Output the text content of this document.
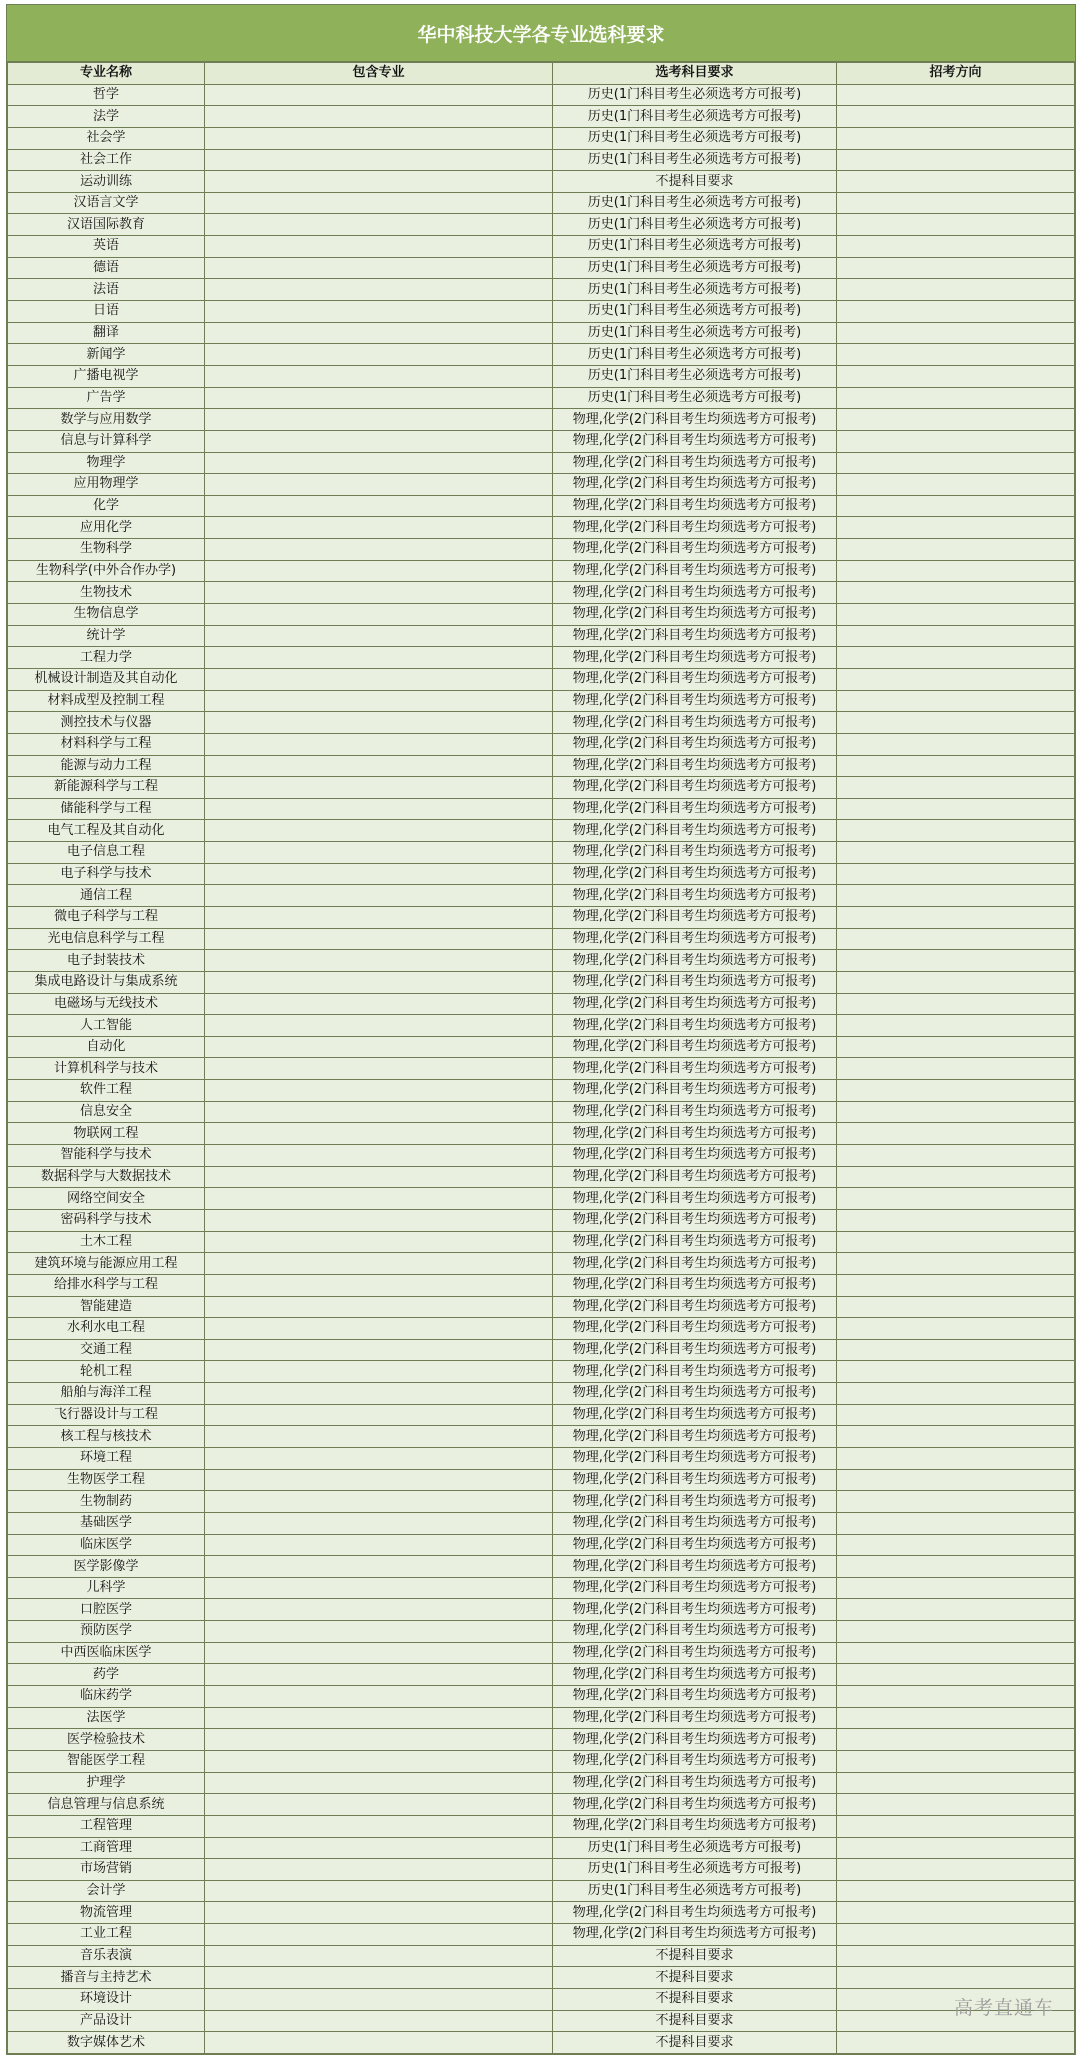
华中科技大学各专业选科要求
专业名称	包含专业	选考科目要求	招考方向
哲学		历史(1门科目考生必须选考方可报考)	
法学		历史(1门科目考生必须选考方可报考)	
社会学		历史(1门科目考生必须选考方可报考)	
社会工作		历史(1门科目考生必须选考方可报考)	
运动训练		不提科目要求	
汉语言文学		历史(1门科目考生必须选考方可报考)	
汉语国际教育		历史(1门科目考生必须选考方可报考)	
英语		历史(1门科目考生必须选考方可报考)	
德语		历史(1门科目考生必须选考方可报考)	
法语		历史(1门科目考生必须选考方可报考)	
日语		历史(1门科目考生必须选考方可报考)	
翻译		历史(1门科目考生必须选考方可报考)	
新闻学		历史(1门科目考生必须选考方可报考)	
广播电视学		历史(1门科目考生必须选考方可报考)	
广告学		历史(1门科目考生必须选考方可报考)	
数学与应用数学		物理,化学(2门科目考生均须选考方可报考)	
信息与计算科学		物理,化学(2门科目考生均须选考方可报考)	
物理学		物理,化学(2门科目考生均须选考方可报考)	
应用物理学		物理,化学(2门科目考生均须选考方可报考)	
化学		物理,化学(2门科目考生均须选考方可报考)	
应用化学		物理,化学(2门科目考生均须选考方可报考)	
生物科学		物理,化学(2门科目考生均须选考方可报考)	
生物科学(中外合作办学)		物理,化学(2门科目考生均须选考方可报考)	
生物技术		物理,化学(2门科目考生均须选考方可报考)	
生物信息学		物理,化学(2门科目考生均须选考方可报考)	
统计学		物理,化学(2门科目考生均须选考方可报考)	
工程力学		物理,化学(2门科目考生均须选考方可报考)	
机械设计制造及其自动化		物理,化学(2门科目考生均须选考方可报考)	
材料成型及控制工程		物理,化学(2门科目考生均须选考方可报考)	
测控技术与仪器		物理,化学(2门科目考生均须选考方可报考)	
材料科学与工程		物理,化学(2门科目考生均须选考方可报考)	
能源与动力工程		物理,化学(2门科目考生均须选考方可报考)	
新能源科学与工程		物理,化学(2门科目考生均须选考方可报考)	
储能科学与工程		物理,化学(2门科目考生均须选考方可报考)	
电气工程及其自动化		物理,化学(2门科目考生均须选考方可报考)	
电子信息工程		物理,化学(2门科目考生均须选考方可报考)	
电子科学与技术		物理,化学(2门科目考生均须选考方可报考)	
通信工程		物理,化学(2门科目考生均须选考方可报考)	
微电子科学与工程		物理,化学(2门科目考生均须选考方可报考)	
光电信息科学与工程		物理,化学(2门科目考生均须选考方可报考)	
电子封装技术		物理,化学(2门科目考生均须选考方可报考)	
集成电路设计与集成系统		物理,化学(2门科目考生均须选考方可报考)	
电磁场与无线技术		物理,化学(2门科目考生均须选考方可报考)	
人工智能		物理,化学(2门科目考生均须选考方可报考)	
自动化		物理,化学(2门科目考生均须选考方可报考)	
计算机科学与技术		物理,化学(2门科目考生均须选考方可报考)	
软件工程		物理,化学(2门科目考生均须选考方可报考)	
信息安全		物理,化学(2门科目考生均须选考方可报考)	
物联网工程		物理,化学(2门科目考生均须选考方可报考)	
智能科学与技术		物理,化学(2门科目考生均须选考方可报考)	
数据科学与大数据技术		物理,化学(2门科目考生均须选考方可报考)	
网络空间安全		物理,化学(2门科目考生均须选考方可报考)	
密码科学与技术		物理,化学(2门科目考生均须选考方可报考)	
土木工程		物理,化学(2门科目考生均须选考方可报考)	
建筑环境与能源应用工程		物理,化学(2门科目考生均须选考方可报考)	
给排水科学与工程		物理,化学(2门科目考生均须选考方可报考)	
智能建造		物理,化学(2门科目考生均须选考方可报考)	
水利水电工程		物理,化学(2门科目考生均须选考方可报考)	
交通工程		物理,化学(2门科目考生均须选考方可报考)	
轮机工程		物理,化学(2门科目考生均须选考方可报考)	
船舶与海洋工程		物理,化学(2门科目考生均须选考方可报考)	
飞行器设计与工程		物理,化学(2门科目考生均须选考方可报考)	
核工程与核技术		物理,化学(2门科目考生均须选考方可报考)	
环境工程		物理,化学(2门科目考生均须选考方可报考)	
生物医学工程		物理,化学(2门科目考生均须选考方可报考)	
生物制药		物理,化学(2门科目考生均须选考方可报考)	
基础医学		物理,化学(2门科目考生均须选考方可报考)	
临床医学		物理,化学(2门科目考生均须选考方可报考)	
医学影像学		物理,化学(2门科目考生均须选考方可报考)	
儿科学		物理,化学(2门科目考生均须选考方可报考)	
口腔医学		物理,化学(2门科目考生均须选考方可报考)	
预防医学		物理,化学(2门科目考生均须选考方可报考)	
中西医临床医学		物理,化学(2门科目考生均须选考方可报考)	
药学		物理,化学(2门科目考生均须选考方可报考)	
临床药学		物理,化学(2门科目考生均须选考方可报考)	
法医学		物理,化学(2门科目考生均须选考方可报考)	
医学检验技术		物理,化学(2门科目考生均须选考方可报考)	
智能医学工程		物理,化学(2门科目考生均须选考方可报考)	
护理学		物理,化学(2门科目考生均须选考方可报考)	
信息管理与信息系统		物理,化学(2门科目考生均须选考方可报考)	
工程管理		物理,化学(2门科目考生均须选考方可报考)	
工商管理		历史(1门科目考生必须选考方可报考)	
市场营销		历史(1门科目考生必须选考方可报考)	
会计学		历史(1门科目考生必须选考方可报考)	
物流管理		物理,化学(2门科目考生均须选考方可报考)	
工业工程		物理,化学(2门科目考生均须选考方可报考)	
音乐表演		不提科目要求	
播音与主持艺术		不提科目要求	
环境设计		不提科目要求	
产品设计		不提科目要求	
数字媒体艺术		不提科目要求	
高考直通车
